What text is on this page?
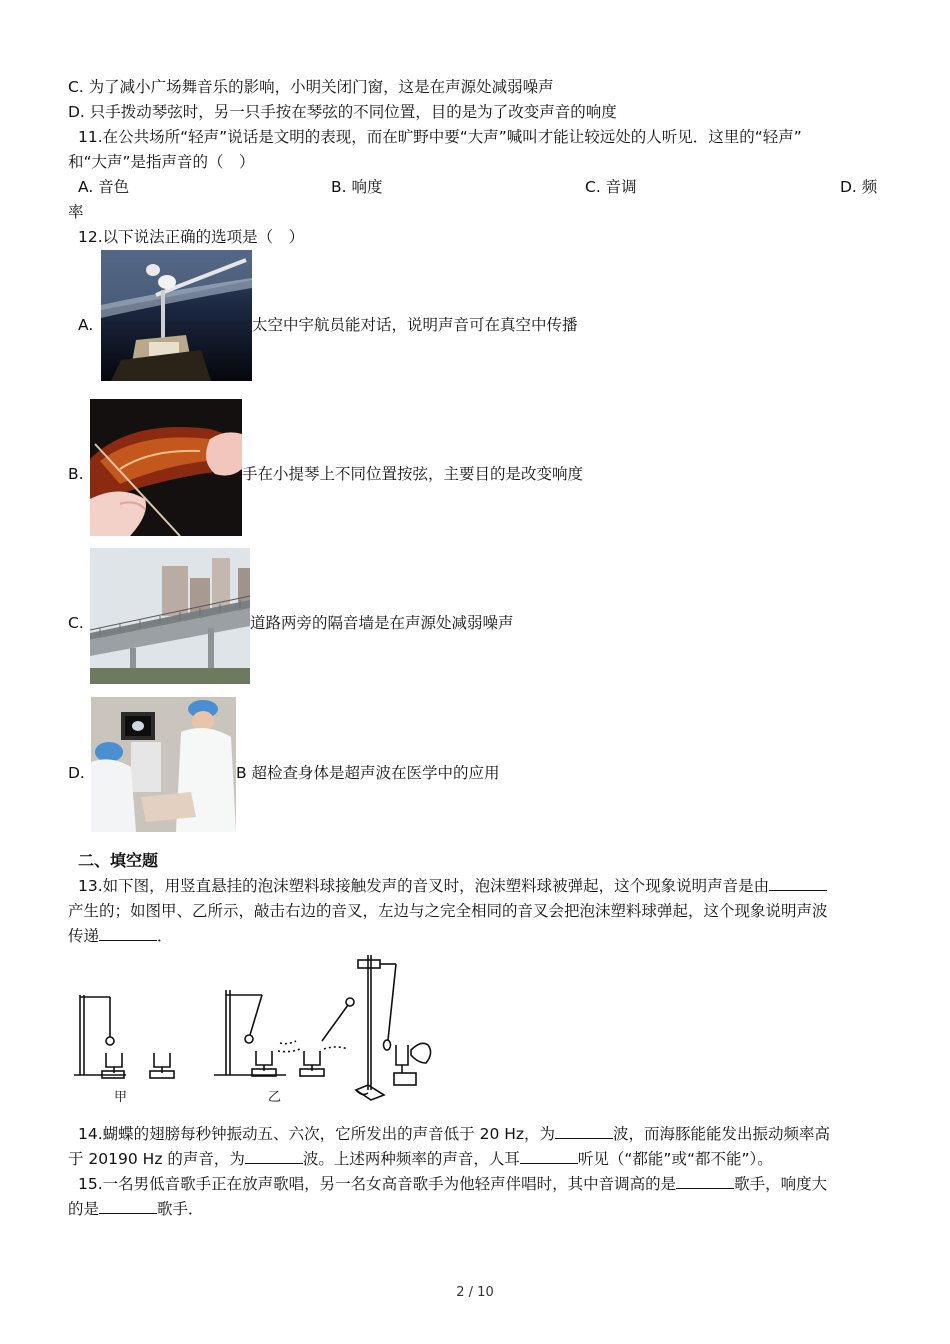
C. 为了减小广场舞音乐的影响，小明关闭门窗，这是在声源处减弱噪声
D. 只手拨动琴弦时，另一只手按在琴弦的不同位置，目的是为了改变声音的响度
11.在公共场所“轻声”说话是文明的表现，而在旷野中要“大声”喊叫才能让较远处的人听见．这里的“轻声”
和“大声”是指声音的（　）
A. 音色	B. 响度	C. 音调	D. 频
率
12.以下说法正确的选项是（　）
A.	太空中宇航员能对话，说明声音可在真空中传播
B.	手在小提琴上不同位置按弦，主要目的是改变响度
C.	道路两旁的隔音墙是在声源处减弱噪声
D.	B 超检查身体是超声波在医学中的应用
二、填空题
13.如下图，用竖直悬挂的泡沫塑料球接触发声的音叉时，泡沫塑料球被弹起，这个现象说明声音是由
产生的；如图甲、乙所示，敲击右边的音叉，左边与之完全相同的音叉会把泡沫塑料球弹起，这个现象说明声波
传递	．
甲	乙
14.蝴蝶的翅膀每秒钟振动五、六次，它所发出的声音低于 20 Hz，为	波，而海豚能能发出振动频率高
于 20190 Hz 的声音，为	波。上述两种频率的声音，人耳	听见（“都能”或“都不能”）。
15.一名男低音歌手正在放声歌唱，另一名女高音歌手为他轻声伴唱时，其中音调高的是	歌手，响度大
的是	歌手．
2 / 10
